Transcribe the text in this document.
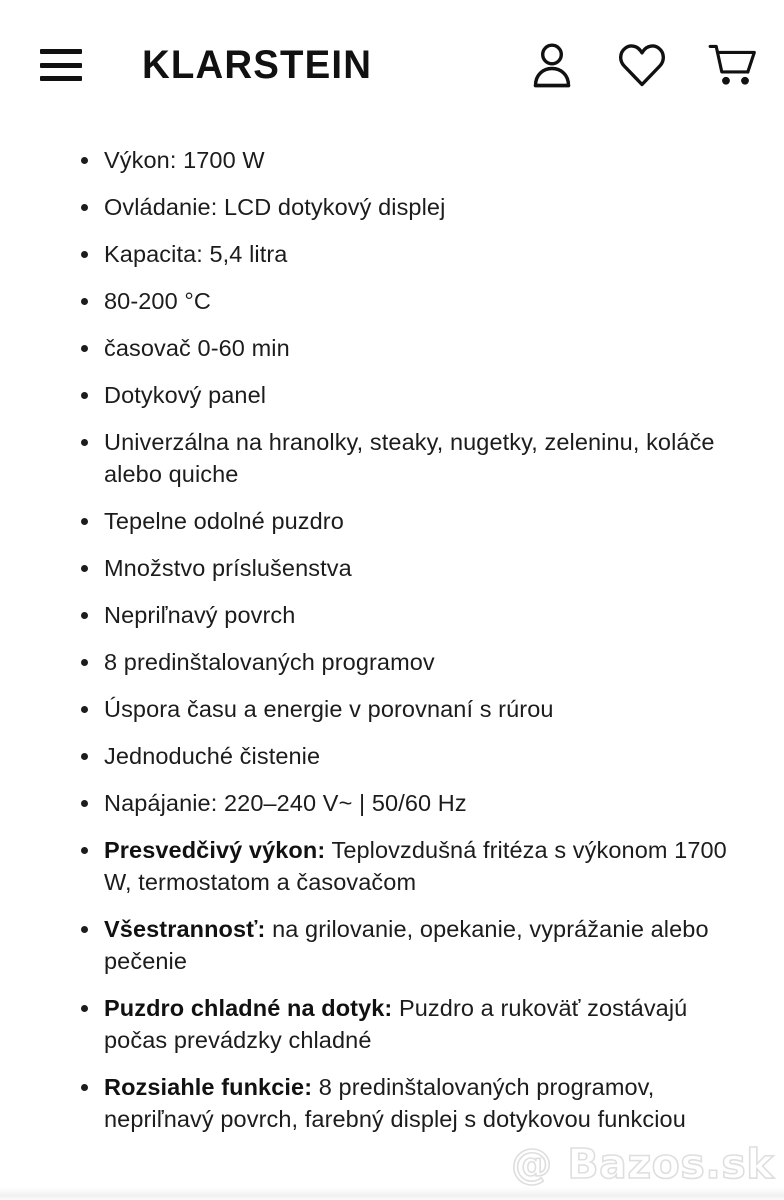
KLARSTEIN
Výkon: 1700 W
Ovládanie: LCD dotykový displej
Kapacita: 5,4 litra
80-200 °C
časovač 0-60 min
Dotykový panel
Univerzálna na hranolky, steaky, nugetky, zeleninu, koláče alebo quiche
Tepelne odolné puzdro
Množstvo príslušenstva
Nepriľnavý povrch
8 predinštalovaných programov
Úspora času a energie v porovnaní s rúrou
Jednoduché čistenie
Napájanie: 220–240 V~ | 50/60 Hz
Presvedčivý výkon: Teplovzdušná fritéza s výkonom 1700 W, termostatom a časovačom
Všestrannosť: na grilovanie, opekanie, vyprážanie alebo pečenie
Puzdro chladné na dotyk: Puzdro a rukoväť zostávajú počas prevádzky chladné
Rozsiahle funkcie: 8 predinštalovaných programov, nepriľnavý povrch, farebný displej s dotykovou funkciou
@ Bazos.sk
